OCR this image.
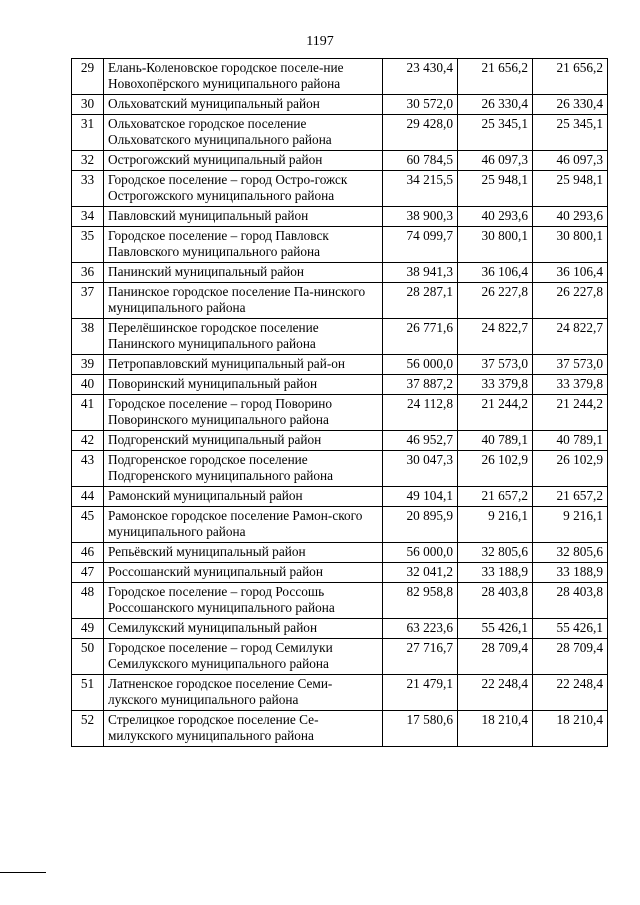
1197
29	Елань-Коленовское городское поселе-ние Новохопёрского муниципального района	23 430,4	21 656,2	21 656,2
30	Ольховатский муниципальный район	30 572,0	26 330,4	26 330,4
31	Ольховатское городское поселение Ольховатского муниципального района	29 428,0	25 345,1	25 345,1
32	Острогожский муниципальный район	60 784,5	46 097,3	46 097,3
33	Городское поселение – город Остро-гожск Острогожского муниципального района	34 215,5	25 948,1	25 948,1
34	Павловский муниципальный район	38 900,3	40 293,6	40 293,6
35	Городское поселение – город Павловск Павловского муниципального района	74 099,7	30 800,1	30 800,1
36	Панинский муниципальный район	38 941,3	36 106,4	36 106,4
37	Панинское городское поселение Па-нинского муниципального района	28 287,1	26 227,8	26 227,8
38	Перелёшинское городское поселение Панинского муниципального района	26 771,6	24 822,7	24 822,7
39	Петропавловский муниципальный рай-он	56 000,0	37 573,0	37 573,0
40	Поворинский муниципальный район	37 887,2	33 379,8	33 379,8
41	Городское поселение – город Поворино Поворинского муниципального района	24 112,8	21 244,2	21 244,2
42	Подгоренский муниципальный район	46 952,7	40 789,1	40 789,1
43	Подгоренское городское поселение Подгоренского муниципального района	30 047,3	26 102,9	26 102,9
44	Рамонский муниципальный район	49 104,1	21 657,2	21 657,2
45	Рамонское городское поселение Рамон-ского муниципального района	20 895,9	9 216,1	9 216,1
46	Репьёвский муниципальный район	56 000,0	32 805,6	32 805,6
47	Россошанский муниципальный район	32 041,2	33 188,9	33 188,9
48	Городское поселение – город Россошь Россошанского муниципального района	82 958,8	28 403,8	28 403,8
49	Семилукский муниципальный район	63 223,6	55 426,1	55 426,1
50	Городское поселение – город Семилуки Семилукского муниципального района	27 716,7	28 709,4	28 709,4
51	Латненское городское поселение Семи-лукского муниципального района	21 479,1	22 248,4	22 248,4
52	Стрелицкое городское поселение Се-милукского муниципального района	17 580,6	18 210,4	18 210,4
